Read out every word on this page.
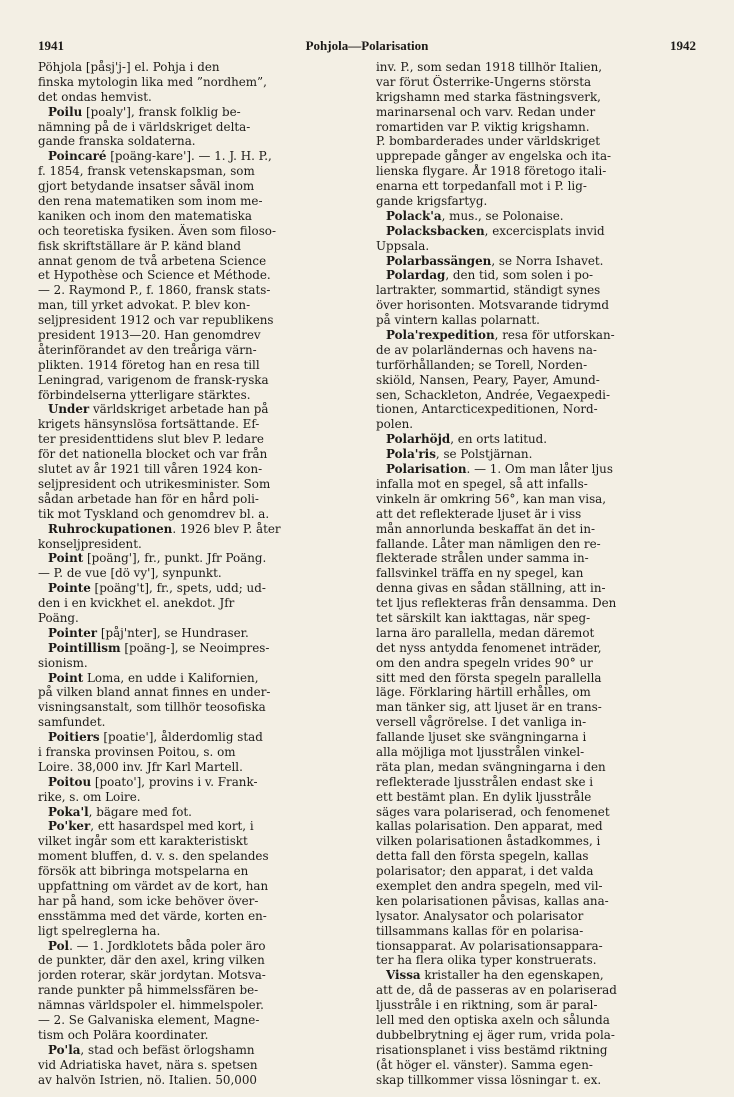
1941	Pohjola—Polarisation	1942
Pöhjola [påsj'j-] el. Pohja i den
finska mytologin lika med ”nordhem”,
det ondas hemvist.
Poilu [poaly'], fransk folklig be-
nämning på de i världskriget delta-
gande franska soldaterna.
Poincaré [poäng-kare']. — 1. J. H. P.,
f. 1854, fransk vetenskapsman, som
gjort betydande insatser såväl inom
den rena matematiken som inom me-
kaniken och inom den matematiska
och teoretiska fysiken. Även som filoso-
fisk skriftställare är P. känd bland
annat genom de två arbetena Science
et Hypothèse och Science et Méthode.
— 2. Raymond P., f. 1860, fransk stats-
man, till yrket advokat. P. blev kon-
seljpresident 1912 och var republikens
president 1913—20. Han genomdrev
återinförandet av den treåriga värn-
plikten. 1914 företog han en resa till
Leningrad, varigenom de fransk-ryska
förbindelserna ytterligare stärktes.
Under världskriget arbetade han på
krigets hänsynslösa fortsättande. Ef-
ter presidenttidens slut blev P. ledare
för det nationella blocket och var från
slutet av år 1921 till våren 1924 kon-
seljpresident och utrikesminister. Som
sådan arbetade han för en hård poli-
tik mot Tyskland och genomdrev bl. a.
Ruhrockupationen. 1926 blev P. åter
konseljpresident.
Point [poäng'], fr., punkt. Jfr Poäng.
— P. de vue [dö vy'], synpunkt.
Pointe [poäng't], fr., spets, udd; ud-
den i en kvickhet el. anekdot. Jfr
Poäng.
Pointer [påj'nter], se Hundraser.
Pointillism [poäng-], se Neoimpres-
sionism.
Point Loma, en udde i Kalifornien,
på vilken bland annat finnes en under-
visningsanstalt, som tillhör teosofiska
samfundet.
Poitiers [poatie'], ålderdomlig stad
i franska provinsen Poitou, s. om
Loire. 38,000 inv. Jfr Karl Martell.
Poitou [poato'], provins i v. Frank-
rike, s. om Loire.
Poka'l, bägare med fot.
Po'ker, ett hasardspel med kort, i
vilket ingår som ett karakteristiskt
moment bluffen, d. v. s. den spelandes
försök att bibringa motspelarna en
uppfattning om värdet av de kort, han
har på hand, som icke behöver över-
ensstämma med det värde, korten en-
ligt spelreglerna ha.
Pol. — 1. Jordklotets båda poler äro
de punkter, där den axel, kring vilken
jorden roterar, skär jordytan. Motsva-
rande punkter på himmelssfären be-
nämnas världspoler el. himmelspoler.
— 2. Se Galvaniska element, Magne-
tism och Polära koordinater.
Po'la, stad och befäst örlogshamn
vid Adriatiska havet, nära s. spetsen
av halvön Istrien, nö. Italien. 50,000
inv. P., som sedan 1918 tillhör Italien,
var förut Österrike-Ungerns största
krigshamn med starka fästningsverk,
marinarsenal och varv. Redan under
romartiden var P. viktig krigshamn.
P. bombarderades under världskriget
upprepade gånger av engelska och ita-
lienska flygare. År 1918 företogo itali-
enarna ett torpedanfall mot i P. lig-
gande krigsfartyg.
Polack'a, mus., se Polonaise.
Polacksbacken, excercisplats invid
Uppsala.
Polarbassängen, se Norra Ishavet.
Polardag, den tid, som solen i po-
lartrakter, sommartid, ständigt synes
över horisonten. Motsvarande tidrymd
på vintern kallas polarnatt.
Pola'rexpedition, resa för utforskan-
de av polarländernas och havens na-
turförhållanden; se Torell, Norden-
skiöld, Nansen, Peary, Payer, Amund-
sen, Schackleton, Andrée, Vegaexpedi-
tionen, Antarcticexpeditionen, Nord-
polen.
Polarhöjd, en orts latitud.
Pola'ris, se Polstjärnan.
Polarisation. — 1. Om man låter ljus
infalla mot en spegel, så att infalls-
vinkeln är omkring 56°, kan man visa,
att det reflekterade ljuset är i viss
mån annorlunda beskaffat än det in-
fallande. Låter man nämligen den re-
flekterade strålen under samma in-
fallsvinkel träffa en ny spegel, kan
denna givas en sådan ställning, att in-
tet ljus reflekteras från densamma. Den
tet särskilt kan iakttagas, när speg-
larna äro parallella, medan däremot
det nyss antydda fenomenet inträder,
om den andra spegeln vrides 90° ur
sitt med den första spegeln parallella
läge. Förklaring härtill erhålles, om
man tänker sig, att ljuset är en trans-
versell vågrörelse. I det vanliga in-
fallande ljuset ske svängningarna i
alla möjliga mot ljusstrålen vinkel-
räta plan, medan svängningarna i den
reflekterade ljusstrålen endast ske i
ett bestämt plan. En dylik ljusstråle
säges vara polariserad, och fenomenet
kallas polarisation. Den apparat, med
vilken polarisationen åstadkommes, i
detta fall den första spegeln, kallas
polarisator; den apparat, i det valda
exemplet den andra spegeln, med vil-
ken polarisationen påvisas, kallas ana-
lysator. Analysator och polarisator
tillsammans kallas för en polarisa-
tionsapparat. Av polarisationsappara-
ter ha flera olika typer konstruerats.
Vissa kristaller ha den egenskapen,
att de, då de passeras av en polariserad
ljusstråle i en riktning, som är paral-
lell med den optiska axeln och sålunda
dubbelbrytning ej äger rum, vrida pola-
risationsplanet i viss bestämd riktning
(åt höger el. vänster). Samma egen-
skap tillkommer vissa lösningar t. ex.
